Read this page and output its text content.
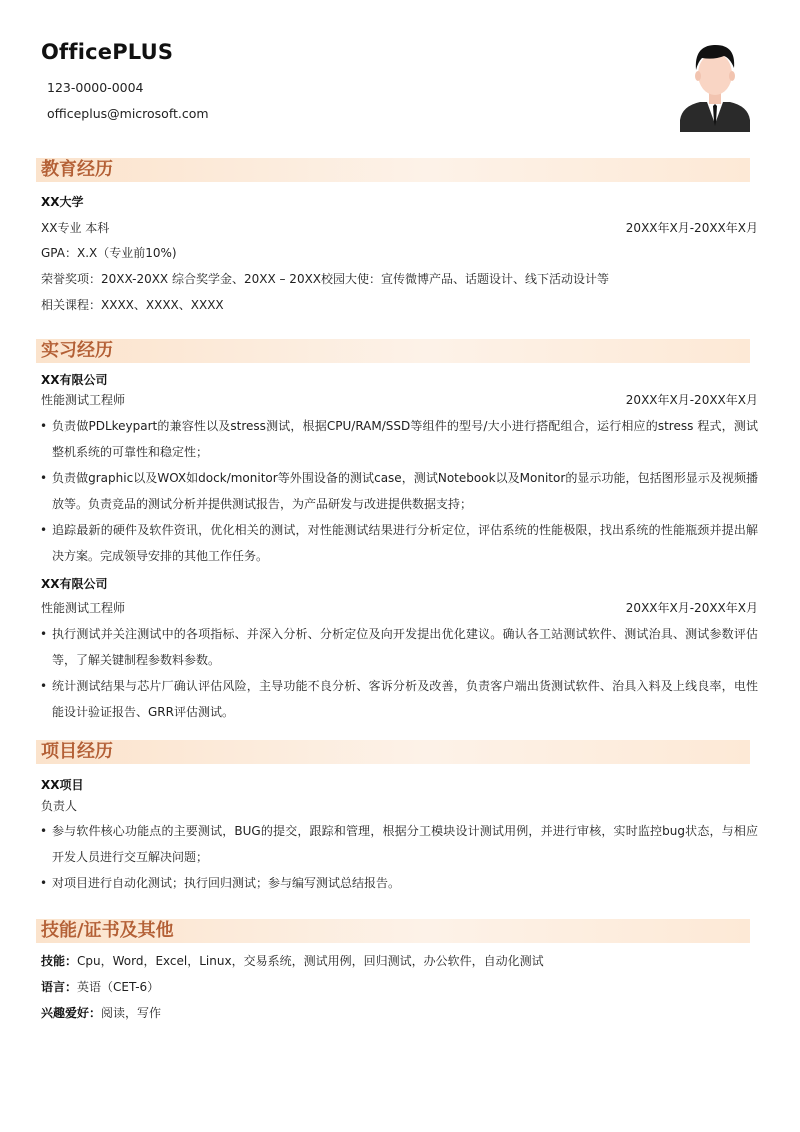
OfficePLUS
123-0000-0004
officeplus@microsoft.com
教育经历
XX大学
XX专业 本科	20XX年X月-20XX年X月
GPA：X.X（专业前10%)
荣誉奖项：20XX-20XX 综合奖学金、20XX – 20XX校园大使：宣传微博产品、话题设计、线下活动设计等
相关课程：XXXX、XXXX、XXXX
实习经历
XX有限公司
性能测试工程师	20XX年X月-20XX年X月
• 负责做PDLkeypart的兼容性以及stress测试，根据CPU/RAM/SSD等组件的型号/大小进行搭配组合，运行相应的stress 程式，测试整机系统的可靠性和稳定性；
• 负责做graphic以及WOX如dock/monitor等外围设备的测试case，测试Notebook以及Monitor的显示功能，包括图形显示及视频播放等。负责竞品的测试分析并提供测试报告，为产品研发与改进提供数据支持；
• 追踪最新的硬件及软件资讯，优化相关的测试，对性能测试结果进行分析定位，评估系统的性能极限，找出系统的性能瓶颈并提出解决方案。完成领导安排的其他工作任务。
XX有限公司
性能测试工程师	20XX年X月-20XX年X月
• 执行测试并关注测试中的各项指标、并深入分析、分析定位及向开发提出优化建议。确认各工站测试软件、测试治具、测试参数评估等，了解关键制程参数料参数。
• 统计测试结果与芯片厂确认评估风险，主导功能不良分析、客诉分析及改善，负责客户端出货测试软件、治具入料及上线良率，电性能设计验证报告、GRR评估测试。
项目经历
XX项目
负责人
• 参与软件核心功能点的主要测试，BUG的提交，跟踪和管理，根据分工模块设计测试用例，并进行审核，实时监控bug状态，与相应开发人员进行交互解决问题；
• 对项目进行自动化测试；执行回归测试；参与编写测试总结报告。
技能/证书及其他
技能：Cpu，Word，Excel，Linux，交易系统，测试用例，回归测试，办公软件，自动化测试
语言：英语（CET-6）
兴趣爱好：阅读，写作
